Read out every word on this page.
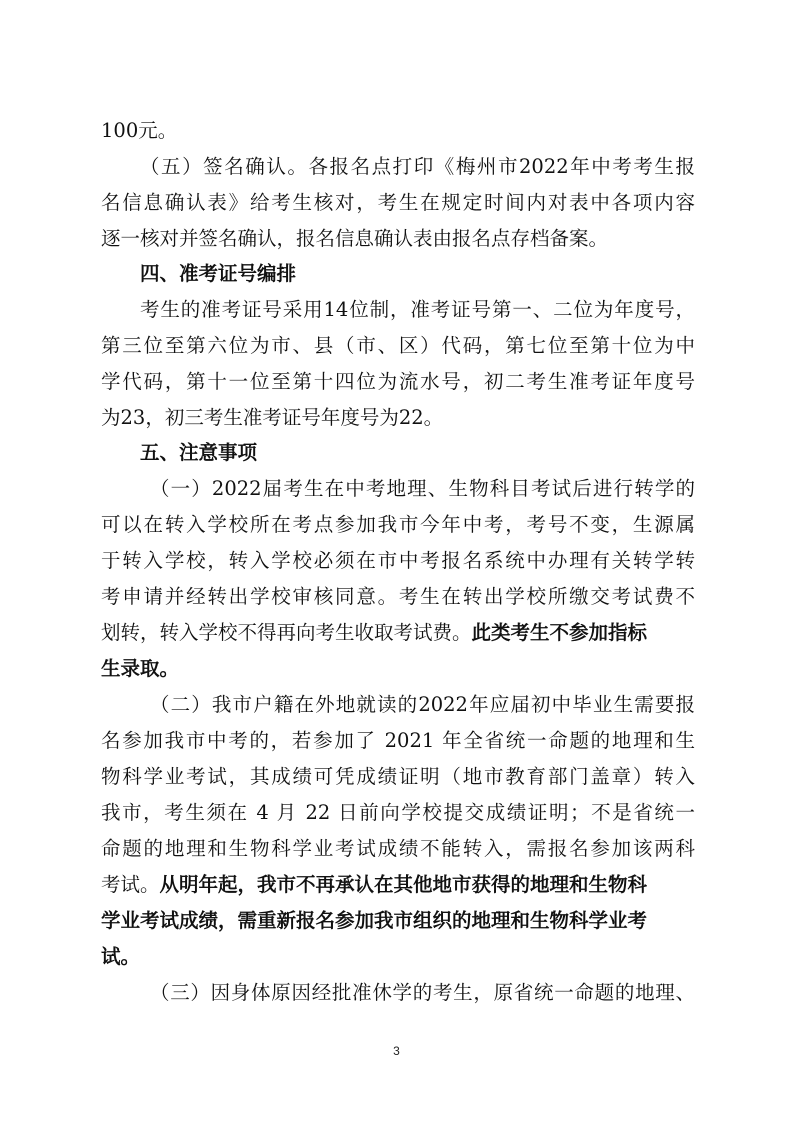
100元。
（五）签名确认。各报名点打印《梅州市2022年中考考生报
名信息确认表》给考生核对，考生在规定时间内对表中各项内容
逐一核对并签名确认，报名信息确认表由报名点存档备案。
四、准考证号编排
考生的准考证号采用14位制，准考证号第一、二位为年度号，
第三位至第六位为市、县（市、区）代码，第七位至第十位为中
学代码，第十一位至第十四位为流水号，初二考生准考证年度号
为23，初三考生准考证号年度号为22。
五、注意事项
（一）2022届考生在中考地理、生物科目考试后进行转学的
可以在转入学校所在考点参加我市今年中考，考号不变，生源属
于转入学校，转入学校必须在市中考报名系统中办理有关转学转
考申请并经转出学校审核同意。考生在转出学校所缴交考试费不
划转，转入学校不得再向考生收取考试费。此类考生不参加指标
生录取。
（二）我市户籍在外地就读的2022年应届初中毕业生需要报
名参加我市中考的，若参加了 2021 年全省统一命题的地理和生
物科学业考试，其成绩可凭成绩证明（地市教育部门盖章）转入
我市，考生须在 4 月 22 日前向学校提交成绩证明；不是省统一
命题的地理和生物科学业考试成绩不能转入，需报名参加该两科
考试。从明年起，我市不再承认在其他地市获得的地理和生物科
学业考试成绩，需重新报名参加我市组织的地理和生物科学业考
试。
（三）因身体原因经批准休学的考生，原省统一命题的地理、
3
